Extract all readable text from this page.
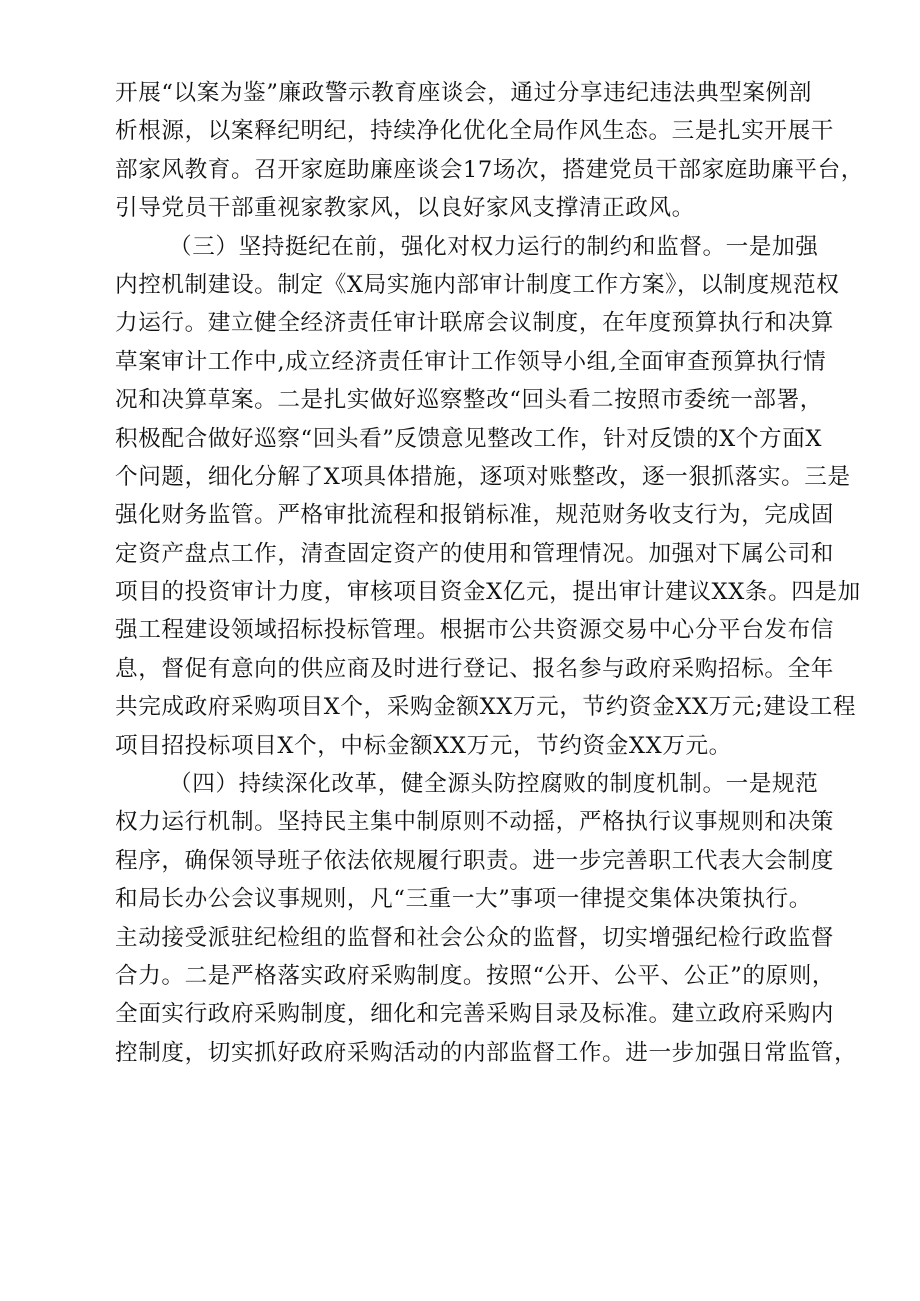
开展“以案为鉴”廉政警示教育座谈会，通过分享违纪违法典型案例剖
析根源，以案释纪明纪，持续净化优化全局作风生态。三是扎实开展干
部家风教育。召开家庭助廉座谈会17场次，搭建党员干部家庭助廉平台，
引导党员干部重视家教家风，以良好家风支撑清正政风。
（三）坚持挺纪在前，强化对权力运行的制约和监督。一是加强
内控机制建设。制定《X局实施内部审计制度工作方案》，以制度规范权
力运行。建立健全经济责任审计联席会议制度，在年度预算执行和决算
草案审计工作中,成立经济责任审计工作领导小组,全面审查预算执行情
况和决算草案。二是扎实做好巡察整改“回头看二按照市委统一部署，
积极配合做好巡察“回头看”反馈意见整改工作，针对反馈的X个方面X
个问题，细化分解了X项具体措施，逐项对账整改，逐一狠抓落实。三是
强化财务监管。严格审批流程和报销标准，规范财务收支行为，完成固
定资产盘点工作，清查固定资产的使用和管理情况。加强对下属公司和
项目的投资审计力度，审核项目资金X亿元，提出审计建议XX条。四是加
强工程建设领域招标投标管理。根据市公共资源交易中心分平台发布信
息，督促有意向的供应商及时进行登记、报名参与政府采购招标。全年
共完成政府采购项目X个，采购金额XX万元，节约资金XX万元;建设工程
项目招投标项目X个，中标金额XX万元，节约资金XX万元。
（四）持续深化改革，健全源头防控腐败的制度机制。一是规范
权力运行机制。坚持民主集中制原则不动摇，严格执行议事规则和决策
程序，确保领导班子依法依规履行职责。进一步完善职工代表大会制度
和局长办公会议事规则，凡“三重一大”事项一律提交集体决策执行。
主动接受派驻纪检组的监督和社会公众的监督，切实增强纪检行政监督
合力。二是严格落实政府采购制度。按照“公开、公平、公正”的原则，
全面实行政府采购制度，细化和完善采购目录及标准。建立政府采购内
控制度，切实抓好政府采购活动的内部监督工作。进一步加强日常监管，
